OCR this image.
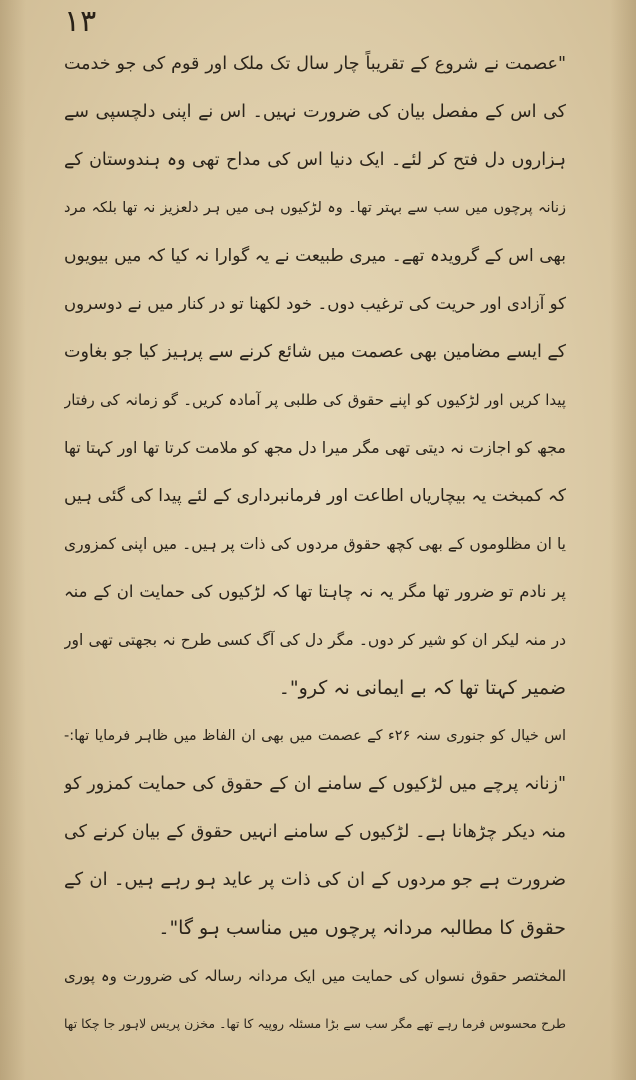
۱۳
"عصمت نے شروع کے تقریباً چار سال تک ملک اور قوم کی جو خدمت
کی اس کے مفصل بیان کی ضرورت نہیں۔ اس نے اپنی دلچسپی سے
ہزاروں دل فتح کر لئے۔ ایک دنیا اس کی مداح تھی وہ ہندوستان کے
زنانہ پرچوں میں سب سے بہتر تھا۔ وہ لڑکیوں ہی میں ہر دلعزیز نہ تھا بلکہ مرد
بھی اس کے گرویدہ تھے۔ میری طبیعت نے یہ گوارا نہ کیا کہ میں بیویوں
کو آزادی اور حریت کی ترغیب دوں۔ خود لکھنا تو در کنار میں نے دوسروں
کے ایسے مضامین بھی عصمت میں شائع کرنے سے پرہیز کیا جو بغاوت
پیدا کریں اور لڑکیوں کو اپنے حقوق کی طلبی پر آمادہ کریں۔ گو زمانہ کی رفتار
مجھ کو اجازت نہ دیتی تھی مگر میرا دل مجھ کو ملامت کرتا تھا اور کہتا تھا
کہ کمبخت یہ بیچاریاں اطاعت اور فرمانبرداری کے لئے پیدا کی گئی ہیں
یا ان مظلوموں کے بھی کچھ حقوق مردوں کی ذات پر ہیں۔ میں اپنی کمزوری
پر نادم تو ضرور تھا مگر یہ نہ چاہتا تھا کہ لڑکیوں کی حمایت ان کے منہ
در منہ لیکر ان کو شیر کر دوں۔ مگر دل کی آگ کسی طرح نہ بجھتی تھی اور
ضمیر کہتا تھا کہ بے ایمانی نہ کرو"۔
اس خیال کو جنوری سنہ ۲۶ء کے عصمت میں بھی ان الفاظ میں ظاہر فرمایا تھا:-
"زنانہ پرچے میں لڑکیوں کے سامنے ان کے حقوق کی حمایت کمزور کو
منہ دیکر چڑھانا ہے۔ لڑکیوں کے سامنے انہیں حقوق کے بیان کرنے کی
ضرورت ہے جو مردوں کے ان کی ذات پر عاید ہو رہے ہیں۔ ان کے
حقوق کا مطالبہ مردانہ پرچوں میں مناسب ہو گا"۔
المختصر حقوق نسواں کی حمایت میں ایک مردانہ رسالہ کی ضرورت وہ پوری
طرح محسوس فرما رہے تھے مگر سب سے بڑا مسئلہ روپیہ کا تھا۔ مخزن پریس لاہور جا چکا تھا
